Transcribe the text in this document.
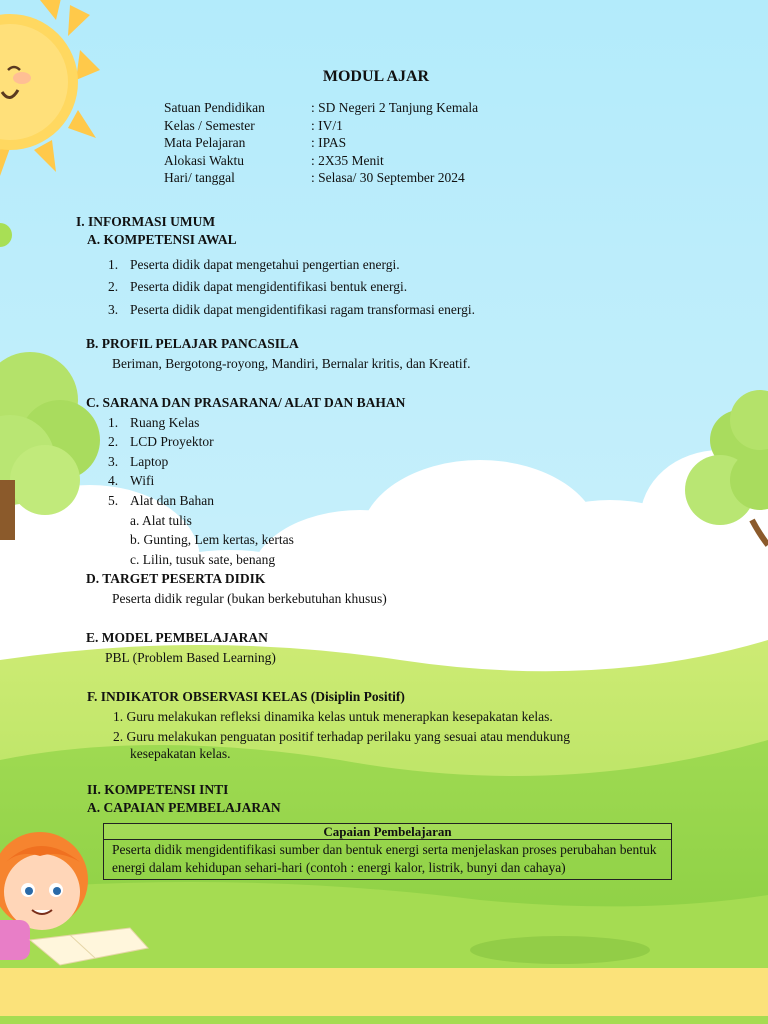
MODUL AJAR
Satuan Pendidikan	: SD Negeri 2 Tanjung Kemala
Kelas / Semester	: IV/1
Mata Pelajaran	: IPAS
Alokasi Waktu	: 2X35 Menit
Hari/ tanggal	: Selasa/ 30 September 2024
I. INFORMASI UMUM
A. KOMPETENSI AWAL
1. Peserta didik dapat mengetahui pengertian energi.
2. Peserta didik dapat mengidentifikasi bentuk energi.
3. Peserta didik dapat mengidentifikasi ragam transformasi energi.
B. PROFIL PELAJAR PANCASILA
Beriman, Bergotong-royong, Mandiri, Bernalar kritis, dan Kreatif.
C. SARANA DAN PRASARANA/ ALAT DAN BAHAN
1. Ruang Kelas
2. LCD Proyektor
3. Laptop
4. Wifi
5. Alat dan Bahan
a. Alat tulis
b. Gunting, Lem kertas, kertas
c. Lilin, tusuk sate, benang
D. TARGET PESERTA DIDIK
Peserta didik regular (bukan berkebutuhan khusus)
E. MODEL PEMBELAJARAN
PBL (Problem Based Learning)
F. INDIKATOR OBSERVASI KELAS (Disiplin Positif)
1. Guru melakukan refleksi dinamika kelas untuk menerapkan kesepakatan kelas.
2. Guru melakukan penguatan positif terhadap perilaku yang sesuai atau mendukung
kesepakatan kelas.
II. KOMPETENSI INTI
A. CAPAIAN PEMBELAJARAN
Capaian Pembelajaran
Peserta didik mengidentifikasi sumber dan bentuk energi serta menjelaskan proses perubahan bentuk energi dalam kehidupan sehari-hari (contoh : energi kalor, listrik, bunyi dan cahaya)
